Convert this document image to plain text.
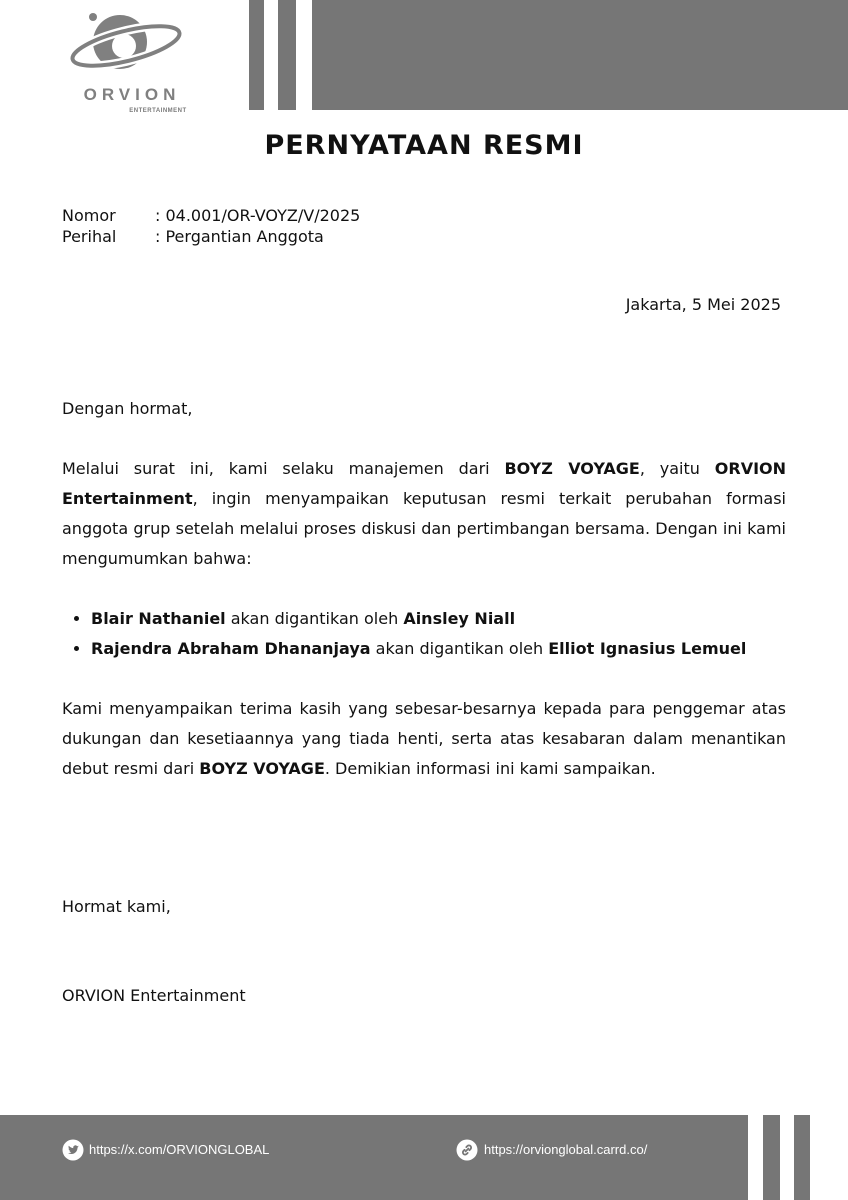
ORVION
ENTERTAINMENT
PERNYATAAN RESMI
Nomor : 04.001/OR-VOYZ/V/2025
Perihal : Pergantian Anggota
Jakarta, 5 Mei 2025
Dengan hormat,

Melalui surat ini, kami selaku manajemen dari BOYZ VOYAGE, yaitu ORVION Entertainment, ingin menyampaikan keputusan resmi terkait perubahan formasi anggota grup setelah melalui proses diskusi dan pertimbangan bersama. Dengan ini kami mengumumkan bahwa:

• Blair Nathaniel akan digantikan oleh Ainsley Niall
• Rajendra Abraham Dhananjaya akan digantikan oleh Elliot Ignasius Lemuel

Kami menyampaikan terima kasih yang sebesar-besarnya kepada para penggemar atas dukungan dan kesetiaannya yang tiada henti, serta atas kesabaran dalam menantikan debut resmi dari BOYZ VOYAGE. Demikian informasi ini kami sampaikan.

Hormat kami,
ORVION Entertainment
https://x.com/ORVIONGLOBAL	https://orvionglobal.carrd.co/
